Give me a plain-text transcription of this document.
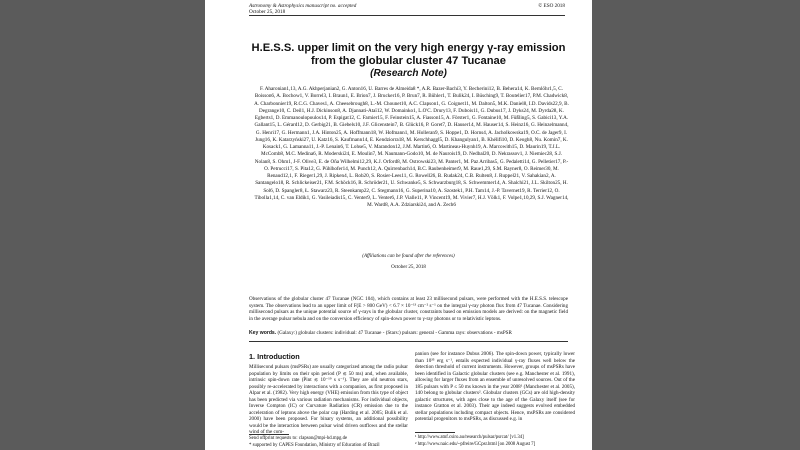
Astronomy & Astrophysics manuscript no. accepted
October 25, 2018
© ESO 2018
H.E.S.S. upper limit on the very high energy γ-ray emission from the globular cluster 47 Tucanae
(Research Note)
F. Aharonian1,13, A.G. Akhperjanian2, G. Anton16, U. Barres de Almeida8 *, A.R. Bazer-Bachi3, Y. Becherini12, B. Behera14, K. Bernlöhr1,5, C. Boisson6, A. Bochow1, V. Borrel3, I. Braun1, E. Brion7, J. Brucker16, P. Brun7, R. Bühler1, T. Bulik24, I. Büsching9, T. Boutelier17, P.M. Chadwick8, A. Charbonnier19, R.C.G. Chaves1, A. Cheesebrough8, L.-M. Chounet10, A.C. Clapson1, G. Coignet11, M. Dalton5, M.K. Daniel8, I.D. Davids22,9, B. Degrange10, C. Deil1, H.J. Dickinson8, A. Djannati-Ataï12, W. Domainko1, L.O'C. Drury13, F. Dubois11, G. Dubus17, J. Dyks24, M. Dyrda28, K. Egberts1, D. Emmanoulopoulos14, P. Espigat12, C. Farnier15, F. Feinstein15, A. Fiasson15, A. Förster1, G. Fontaine10, M. Füßling5, S. Gabici13, Y.A. Gallant15, L. Gérard12, D. Gerbig21, B. Giebels10, J.F. Glicenstein7, B. Glück16, P. Goret7, D. Hauser14, M. Hauser14, S. Heinz16, G. Heinzelmann4, G. Henri17, G. Hermann1, J.A. Hinton25, A. Hoffmann18, W. Hofmann1, M. Holleran9, S. Hoppe1, D. Horns4, A. Jacholkowska19, O.C. de Jager9, I. Jung16, K. Katarzyński27, U. Katz16, S. Kaufmann14, E. Kendziorra18, M. Kerschhaggl5, D. Khangulyan1, B. Khélifi10, D. Keogh8, Nu. Komin7, K. Kosack1, G. Lamanna11, J.-P. Lenain6, T. Lohse5, V. Marandon12, J.M. Martin6, O. Martineau-Huynh19, A. Marcowith15, D. Maurin19, T.J.L. McComb8, M.C. Medina6, R. Moderski24, E. Moulin7, M. Naumann-Godo10, M. de Naurois19, D. Nedbal20, D. Nekrassov1, J. Niemiec28, S.J. Nolan8, S. Ohm1, J-F. Olive3, E. de Oña Wilhelmi12,29, K.J. Orford8, M. Ostrowski23, M. Panter1, M. Paz Arribas5, G. Pedaletti14, G. Pelletier17, P.-O. Petrucci17, S. Pita12, G. Pühlhofer14, M. Punch12, A. Quirrenbach14, B.C. Raubenheimer9, M. Raue1,29, S.M. Rayner8, O. Reimer30, M. Renaud12,1, F. Rieger1,29, J. Ripken4, L. Rob20, S. Rosier-Lees11, G. Rowell26, B. Rudak24, C.B. Rulten8, J. Ruppel21, V. Sahakian2, A. Santangelo18, R. Schlickeiser21, F.M. Schöck16, R. Schröder21, U. Schwanke5, S. Schwarzburg18, S. Schwemmer14, A. Shalchi21, J.L. Skilton25, H. Sol6, D. Spangler8, Ł. Stawarz23, R. Steenkamp22, C. Stegmann16, G. Superina10, A. Szostek1, P.H. Tam14, J.-P. Tavernet19, R. Terrier12, O. Tibolla1,14, C. van Eldik1, G. Vasileiadis15, C. Venter9, L. Venter6, J.P. Vialle11, P. Vincent19, M. Vivier7, H.J. Völk1, F. Volpe1,10,29, S.J. Wagner14, M. Ward8, A.A. Zdziarski24, and A. Zech6
(Affiliations can be found after the references)
October 25, 2018
Observations of the globular cluster 47 Tucanae (NGC 104), which contains at least 23 millisecond pulsars, were performed with the H.E.S.S. telescope system. The observations lead to an upper limit of F(E > 800 GeV) < 6.7 × 10⁻¹³ cm⁻² s⁻¹ on the integral γ-ray photon flux from 47 Tucanae. Considering millisecond pulsars as the unique potential source of γ-rays in the globular cluster, constraints based on emission models are derived: on the magnetic field in the average pulsar nebula and on the conversion efficiency of spin-down power to γ-ray photons or to relativistic leptons.
Key words. (Galaxy:) globular clusters: individual: 47 Tucanae - (Stars:) pulsars: general - Gamma rays: observations - msPSR
1. Introduction
Millisecond pulsars (msPSRs) are usually categorized among the radio pulsar population by limits on their spin period (P ≲ 50 ms) and, when available, intrinsic spin-down rate (Ṗint ≲ 10⁻¹⁹ s s⁻¹). They are old neutron stars, possibly re-accelerated by interactions with a companion, as first proposed in Alpar et al. (1982). Very high energy (VHE) emission from this type of object has been predicted via various radiation mechanisms. For individual objects, Inverse Compton (IC) or Curvature Radiation (CR) emission due to the acceleration of leptons above the polar cap (Harding et al. 2005; Bulik et al. 2000) have been proposed. For binary systems, an additional possibility would be the interaction between pulsar wind driven outflows and the stellar wind of the com-
panion (see for instance Dubus 2006). The spin-down power, typically lower than 10³⁵ erg s⁻¹, entails expected individual γ-ray fluxes well below the detection threshold of current instruments. However, groups of msPSRs have been identified in Galactic globular clusters (see e.g. Manchester et al. 1991), allowing for larger fluxes from an ensemble of unresolved sources. Out of the 185 pulsars with P ≤ 50 ms known in the year 2008¹ (Manchester et al. 2005), 140 belong to globular clusters². Globular clusters (GCs) are old high-density galactic structures, with ages close to the age of the Galaxy itself (see for instance Gratton et al. 2003). Their age indeed suggests evolved embedded stellar populations including compact objects. Hence, msPSRs are considered potential progenitors to msPSRs, as discussed e.g. in
Send offprint requests to: clapson@mpi-hd.mpg.de
* supported by CAPES Foundation, Ministry of Education of Brazil
¹ http://www.atnf.csiro.au/research/pulsar/psrcat/ [v1.34]
² http://www.naic.edu/~pfreire/GCpsr.html [on 2008 August 7]
